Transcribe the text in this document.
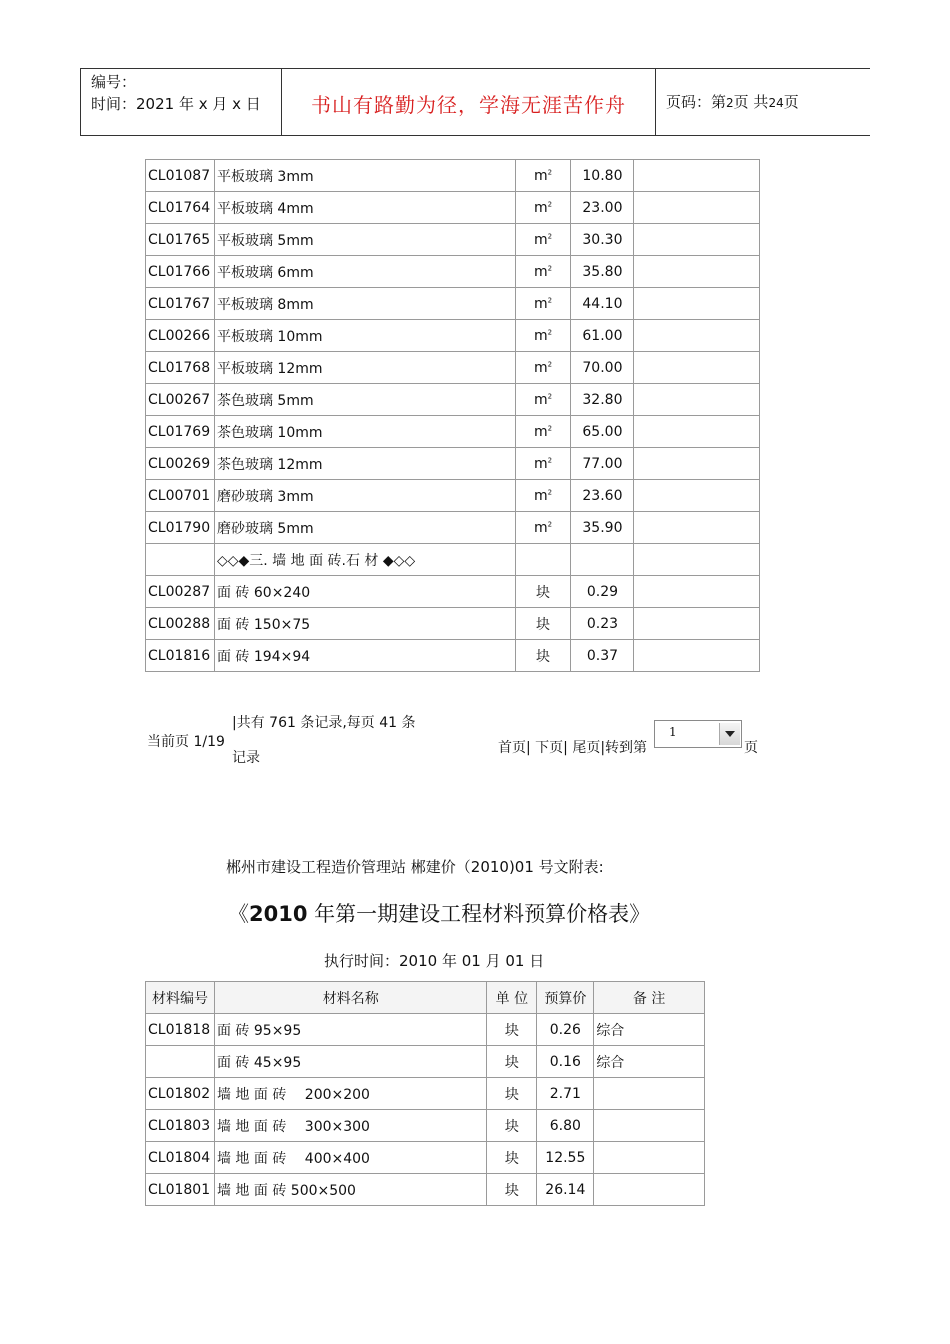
编号：
时间：2021 年 x 月 x 日	书山有路勤为径，学海无涯苦作舟	页码：第2页 共24页
CL01087	平板玻璃 3mm	$m^2$	10.80	
CL01764	平板玻璃 4mm	$m^2$	23.00	
CL01765	平板玻璃 5mm	$m^2$	30.30	
CL01766	平板玻璃 6mm	$m^2$	35.80	
CL01767	平板玻璃 8mm	$m^2$	44.10	
CL00266	平板玻璃 10mm	$m^2$	61.00	
CL01768	平板玻璃 12mm	$m^2$	70.00	
CL00267	茶色玻璃 5mm	$m^2$	32.80	
CL01769	茶色玻璃 10mm	$m^2$	65.00	
CL00269	茶色玻璃 12mm	$m^2$	77.00	
CL00701	磨砂玻璃 3mm	$m^2$	23.60	
CL01790	磨砂玻璃 5mm	$m^2$	35.90	
	◇◇◆三. 墙 地 面 砖.石 材 ◆◇◇			
CL00287	面 砖 60×240	块	0.29	
CL00288	面 砖 150×75	块	0.23	
CL01816	面 砖 194×94	块	0.37	
当前页 1/19
|共有 761 条记录,每页 41 条
记录
首页| 下页| 尾页|转到第
1
页
郴州市建设工程造价管理站 郴建价（2010)01 号文附表:
《2010 年第一期建设工程材料预算价格表》
执行时间：2010 年 01 月 01 日
材料编号	材料名称	单 位	预算价	备 注
CL01818	面 砖 95×95	块	0.26	综合
	面 砖 45×95	块	0.16	综合
CL01802	墙 地 面 砖　 200×200	块	2.71	
CL01803	墙 地 面 砖　 300×300	块	6.80	
CL01804	墙 地 面 砖　 400×400	块	12.55	
CL01801	墙 地 面 砖 500×500	块	26.14	
